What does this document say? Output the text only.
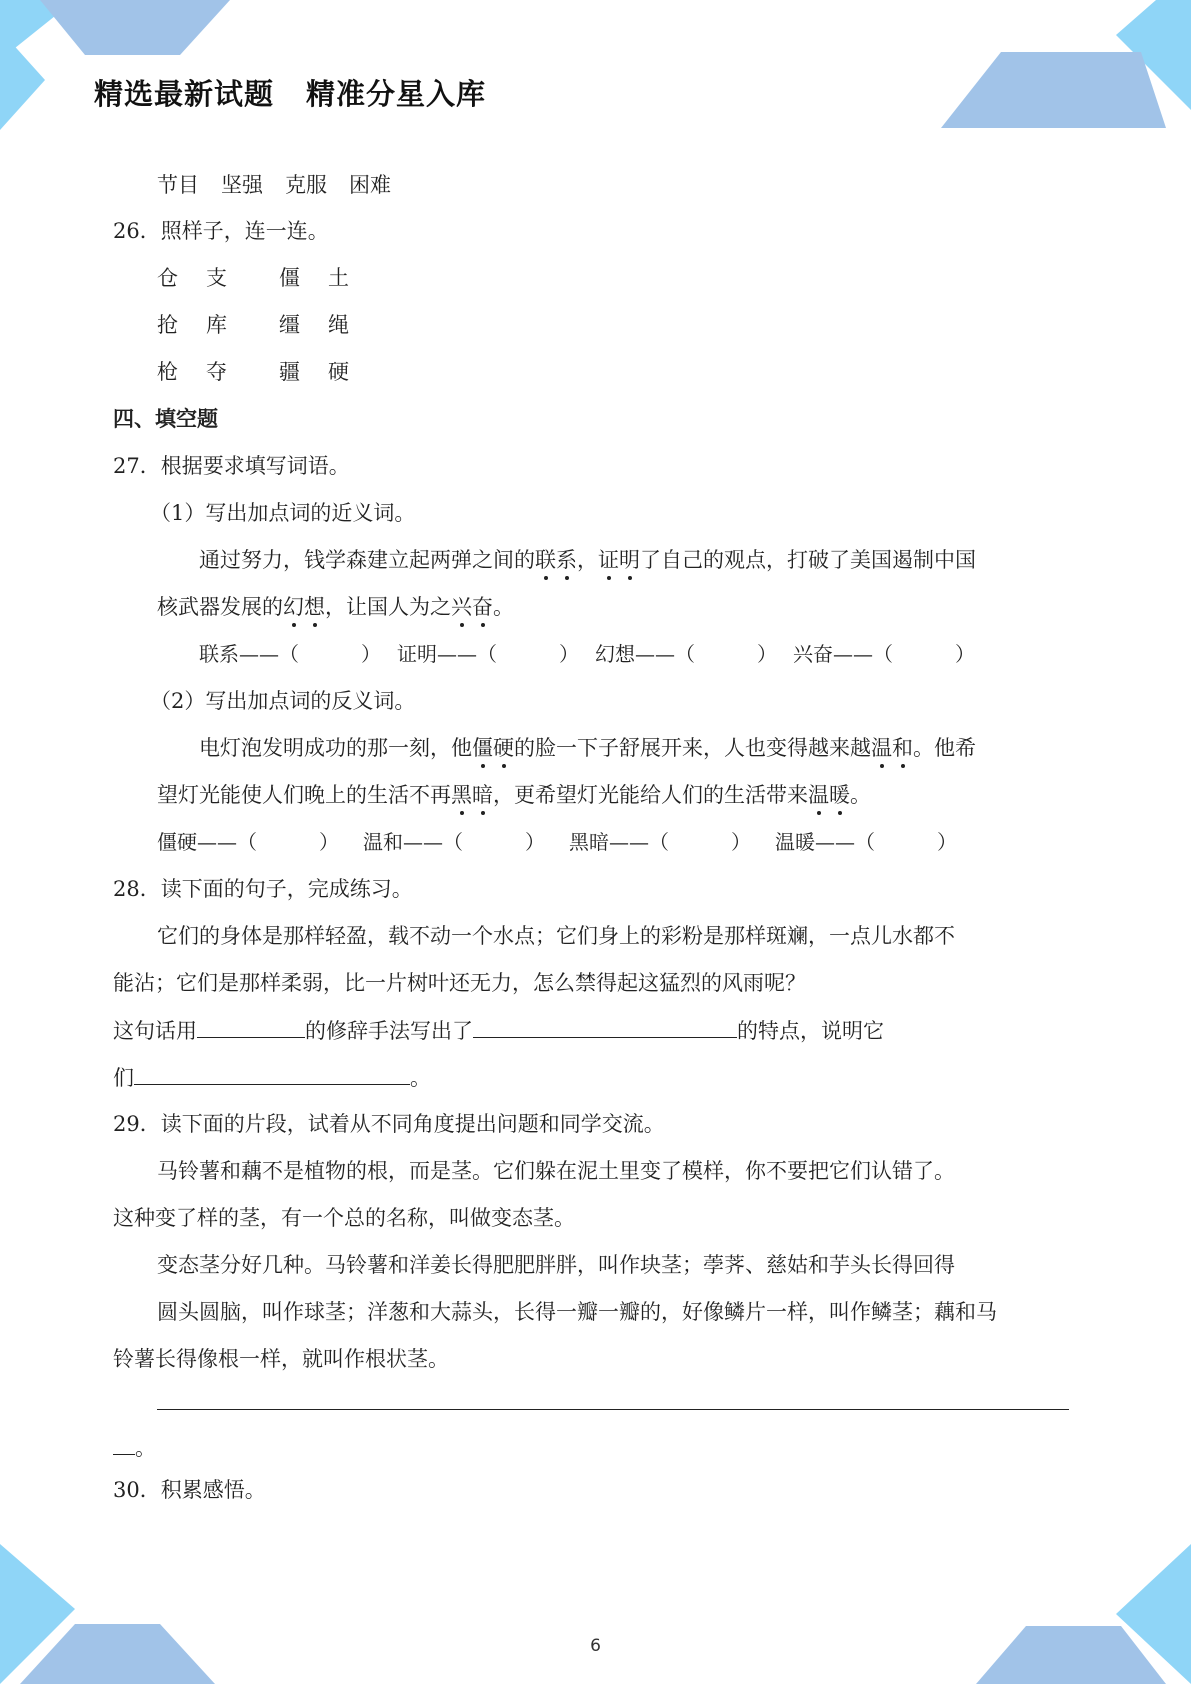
精选最新试题 精准分星入库
节目 坚强 克服 困难
26．照样子，连一连。
仓 支 僵 土
抢 库 缰 绳
枪 夺 疆 硬
四、填空题
27．根据要求填写词语。
（1）写出加点词的近义词。
通过努力，钱学森建立起两弹之间的联系，证明了自己的观点，打破了美国遏制中国
核武器发展的幻想，让国人为之兴奋。
联系——（	） 证明——（	） 幻想——（	） 兴奋——（	）
（2）写出加点词的反义词。
电灯泡发明成功的那一刻，他僵硬的脸一下子舒展开来，人也变得越来越温和。他希
望灯光能使人们晚上的生活不再黑暗，更希望灯光能给人们的生活带来温暖。
僵硬——（	） 温和——（	） 黑暗——（	） 温暖——（	）
28．读下面的句子，完成练习。
它们的身体是那样轻盈，载不动一个水点；它们身上的彩粉是那样斑斓，一点儿水都不
能沾；它们是那样柔弱，比一片树叶还无力，怎么禁得起这猛烈的风雨呢？
这句话用	的修辞手法写出了	的特点，说明它
们	。
29．读下面的片段，试着从不同角度提出问题和同学交流。
马铃薯和藕不是植物的根，而是茎。它们躲在泥土里变了模样，你不要把它们认错了。
这种变了样的茎，有一个总的名称，叫做变态茎。
变态茎分好几种。马铃薯和洋姜长得肥肥胖胖，叫作块茎；荸荠、慈姑和芋头长得回得
圆头圆脑，叫作球茎；洋葱和大蒜头，长得一瓣一瓣的，好像鳞片一样，叫作鳞茎；藕和马
铃薯长得像根一样，就叫作根状茎。
。
30．积累感悟。
6
